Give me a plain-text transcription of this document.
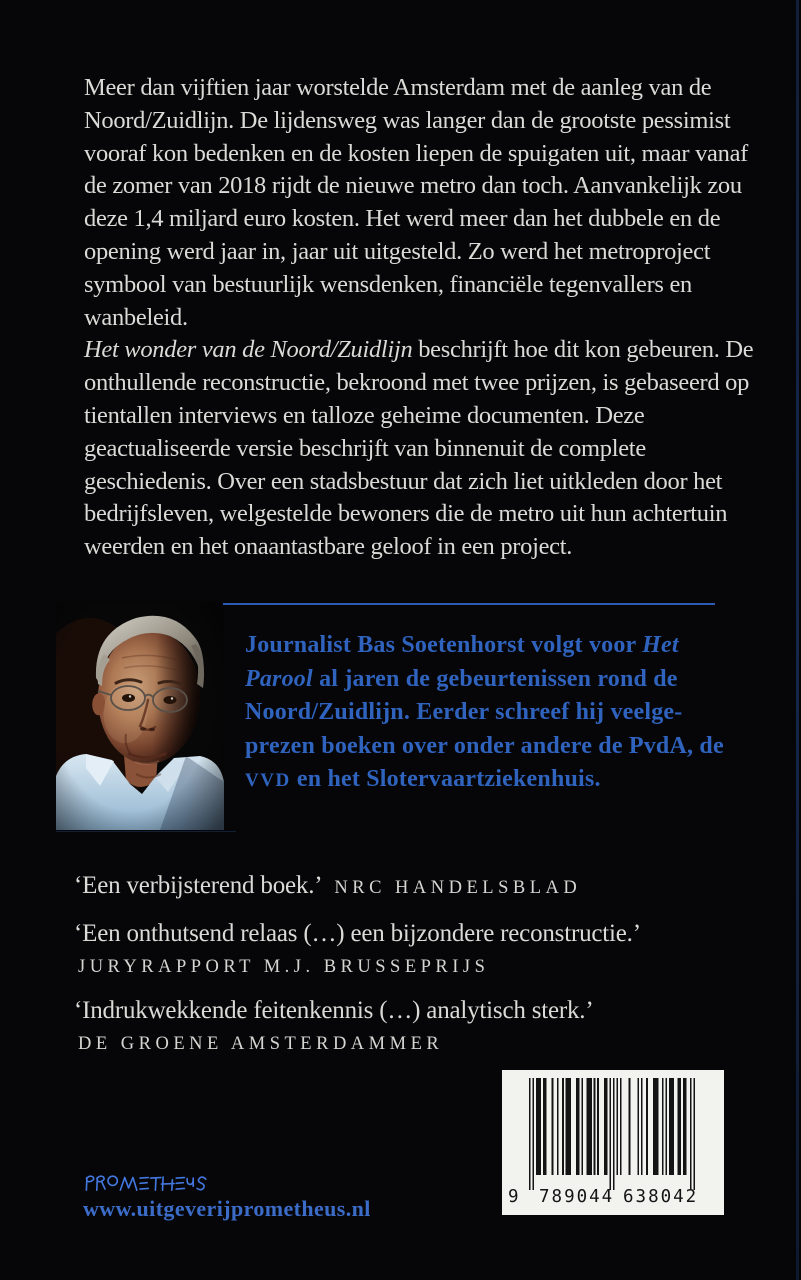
Meer dan vijftien jaar worstelde Amsterdam met de aanleg van de Noord/Zuidlijn. De lijdensweg was langer dan de grootste pessimist vooraf kon bedenken en de kosten liepen de spuigaten uit, maar vanaf de zomer van 2018 rijdt de nieuwe metro dan toch. Aanvankelijk zou deze 1,4 miljard euro kosten. Het werd meer dan het dubbele en de opening werd jaar in, jaar uit uitgesteld. Zo werd het metroproject symbool van bestuurlijk wensdenken, financiële tegenvallers en wanbeleid.
Het wonder van de Noord/Zuidlijn beschrijft hoe dit kon gebeuren. De onthullende reconstructie, bekroond met twee prijzen, is gebaseerd op tientallen interviews en talloze geheime documenten. Deze geactualiseerde versie beschrijft van binnenuit de complete geschiedenis. Over een stadsbestuur dat zich liet uitkleden door het bedrijfsleven, welgestelde bewoners die de metro uit hun achtertuin weerden en het onaantastbare geloof in een project.

Journalist Bas Soetenhorst volgt voor Het Parool al jaren de gebeurtenissen rond de Noord/Zuidlijn. Eerder schreef hij veelgeprezen boeken over onder andere de PvdA, de VVD en het Slotervaartziekenhuis.

‘Een verbijsterend boek.’ NRC HANDELSBLAD

‘Een onthutsend relaas (…) een bijzondere reconstructie.’

JURYRAPPORT M.J. BRUSSEPRIJS

‘Indrukwekkende feitenkennis (…) analytisch sterk.’

DE GROENE AMSTERDAMMER

9 789044 638042
www.uitgeverijprometheus.nl
